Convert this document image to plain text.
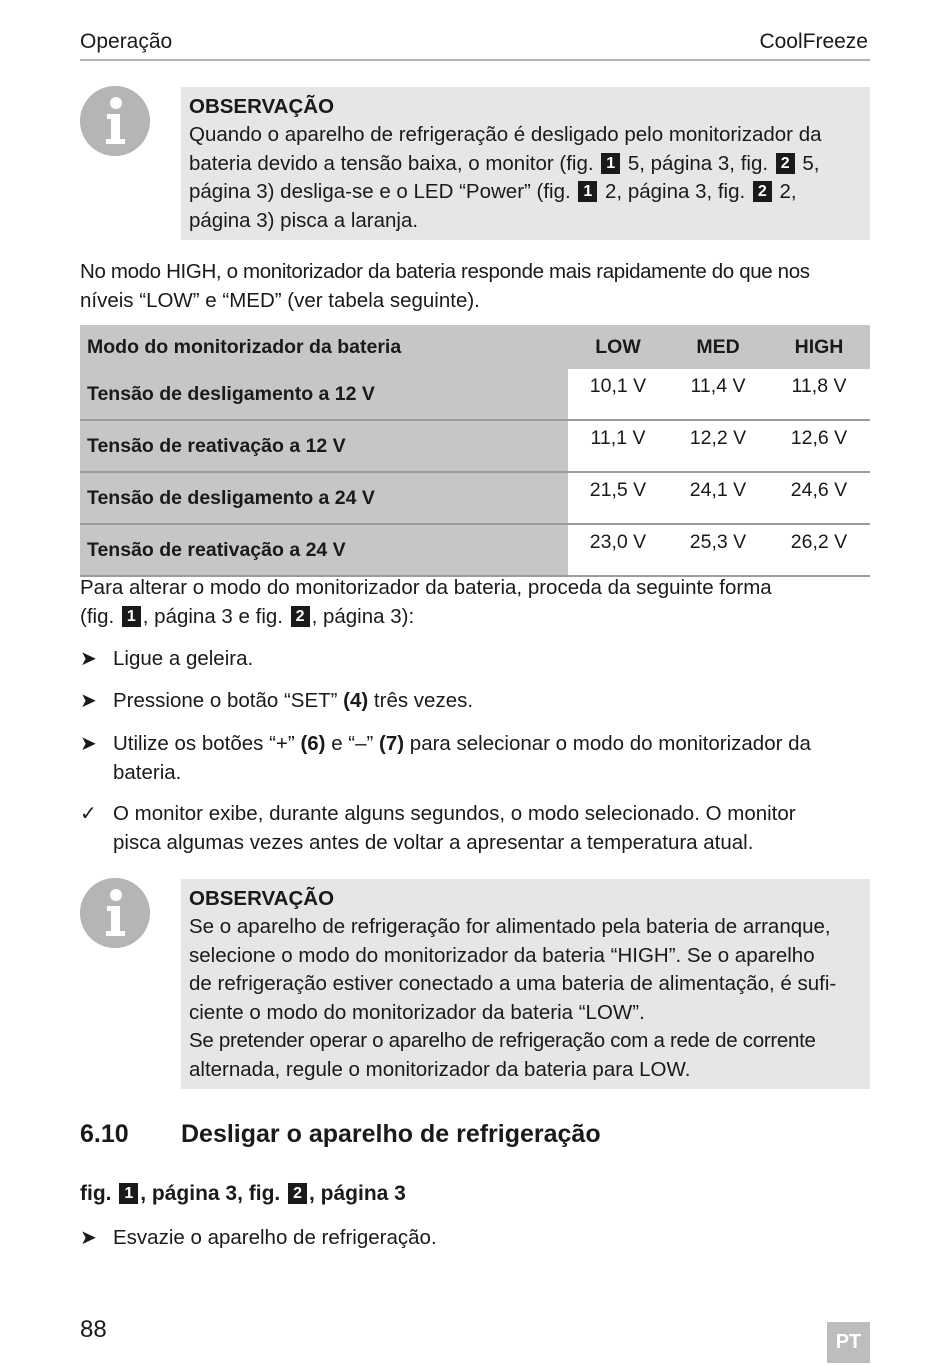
Operação	CoolFreeze
OBSERVAÇÃO
Quando o aparelho de refrigeração é desligado pelo monitorizador da
bateria devido a tensão baixa, o monitor (fig. 1 5, página 3, fig. 2 5,
página 3) desliga-se e o LED “Power” (fig. 1 2, página 3, fig. 2 2,
página 3) pisca a laranja.
No modo HIGH, o monitorizador da bateria responde mais rapidamente do que nos
níveis “LOW” e “MED” (ver tabela seguinte).
Modo do monitorizador da bateria	LOW	MED	HIGH
Tensão de desligamento a 12 V	10,1 V	11,4 V	11,8 V
Tensão de reativação a 12 V	11,1 V	12,2 V	12,6 V
Tensão de desligamento a 24 V	21,5 V	24,1 V	24,6 V
Tensão de reativação a 24 V	23,0 V	25,3 V	26,2 V
Para alterar o modo do monitorizador da bateria, proceda da seguinte forma
(fig. 1 , página 3 e fig. 2 , página 3):
➤ Ligue a geleira.
➤ Pressione o botão “SET” (4) três vezes.
➤ Utilize os botões “+” (6) e “–” (7) para selecionar o modo do monitorizador da
bateria.
✓ O monitor exibe, durante alguns segundos, o modo selecionado. O monitor
pisca algumas vezes antes de voltar a apresentar a temperatura atual.
OBSERVAÇÃO
Se o aparelho de refrigeração for alimentado pela bateria de arranque,
selecione o modo do monitorizador da bateria “HIGH”. Se o aparelho
de refrigeração estiver conectado a uma bateria de alimentação, é sufi-
ciente o modo do monitorizador da bateria “LOW”.
Se pretender operar o aparelho de refrigeração com a rede de corrente
alternada, regule o monitorizador da bateria para LOW.
6.10 Desligar o aparelho de refrigeração
fig. 1 , página 3, fig. 2 , página 3
➤ Esvazie o aparelho de refrigeração.
88	PT
